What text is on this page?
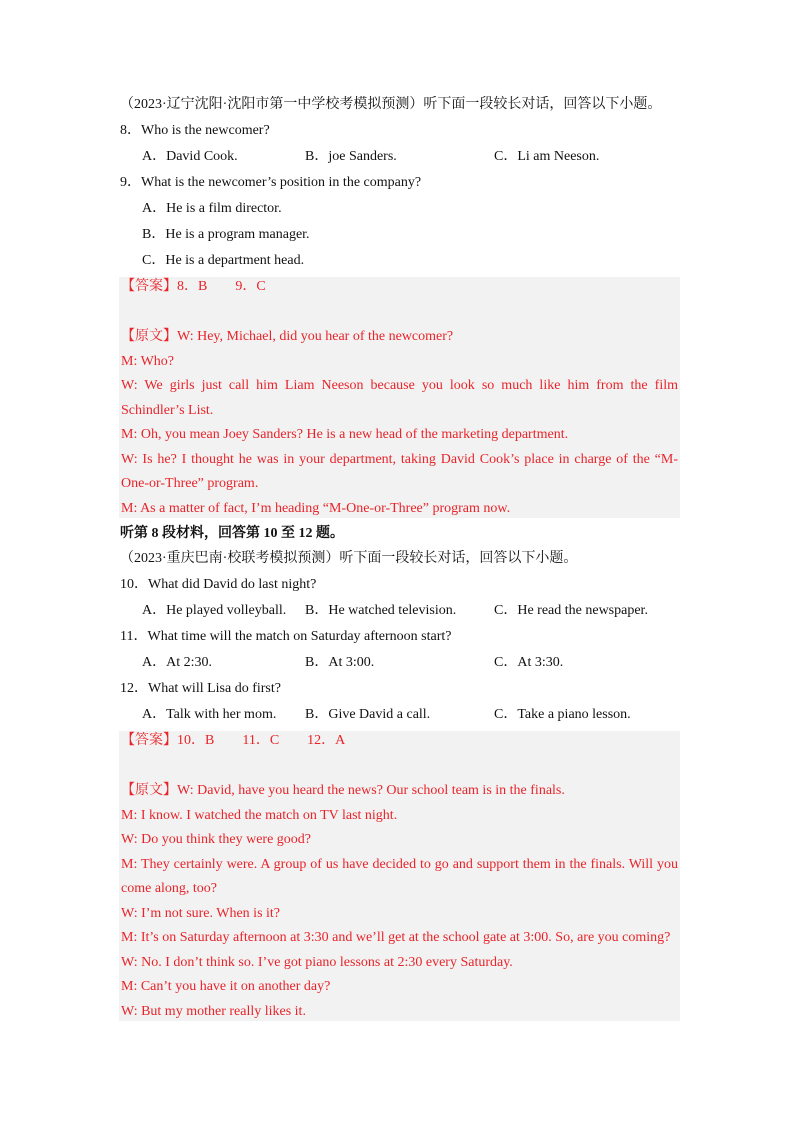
（2023·辽宁沈阳·沈阳市第一中学校考模拟预测）听下面一段较长对话，回答以下小题。
8．Who is the newcomer?
A．David Cook.	B．joe Sanders.	C．Li am Neeson.
9．What is the newcomer’s position in the company?
A．He is a film director.
B．He is a program manager.
C．He is a department head.
【答案】8．B　　9．C
【原文】W: Hey, Michael, did you hear of the newcomer?
M: Who?
W: We girls just call him Liam Neeson because you look so much like him from the film
Schindler’s List.
M: Oh, you mean Joey Sanders? He is a new head of the marketing department.
W: Is he? I thought he was in your department, taking David Cook’s place in charge of the “M-
One-or-Three” program.
M: As a matter of fact, I’m heading “M-One-or-Three” program now.
听第 8 段材料，回答第 10 至 12 题。
（2023·重庆巴南·校联考模拟预测）听下面一段较长对话，回答以下小题。
10．What did David do last night?
A．He played volleyball. B．He watched television.	C．He read the newspaper.
11．What time will the match on Saturday afternoon start?
A．At 2:30.	B．At 3:00.	C．At 3:30.
12．What will Lisa do first?
A．Talk with her mom. B．Give David a call.	C．Take a piano lesson.
【答案】10．B　　11．C　　12．A
【原文】W: David, have you heard the news? Our school team is in the finals.
M: I know. I watched the match on TV last night.
W: Do you think they were good?
M: They certainly were. A group of us have decided to go and support them in the finals. Will you
come along, too?
W: I’m not sure. When is it?
M: It’s on Saturday afternoon at 3:30 and we’ll get at the school gate at 3:00. So, are you coming?
W: No. I don’t think so. I’ve got piano lessons at 2:30 every Saturday.
M: Can’t you have it on another day?
W: But my mother really likes it.
